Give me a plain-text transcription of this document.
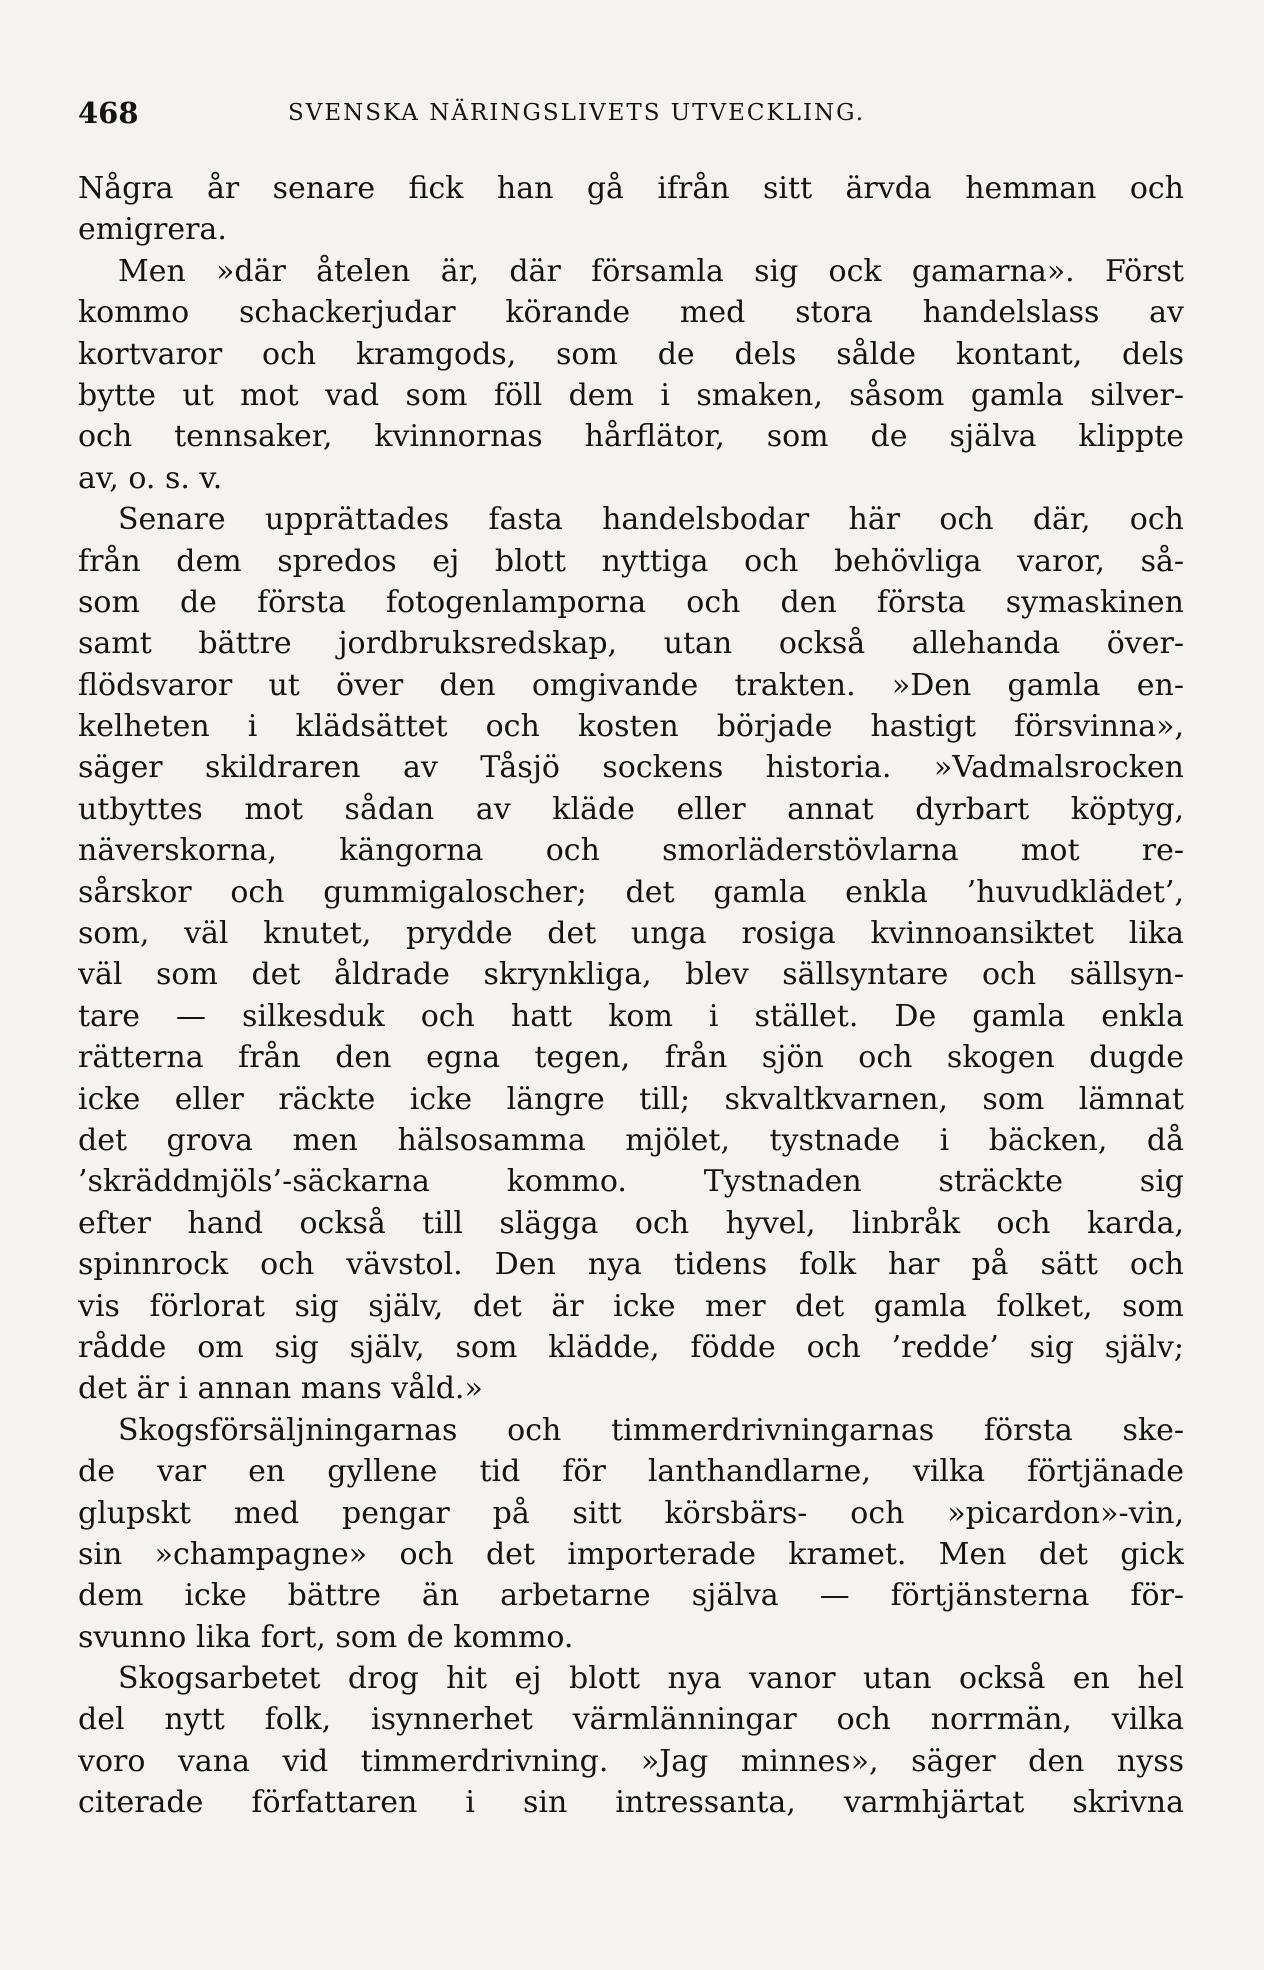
468	SVENSKA NÄRINGSLIVETS UTVECKLING.
Några år senare fick han gå ifrån sitt ärvda hemman och
emigrera.
Men »där åtelen är, där församla sig ock gamarna». Först
kommo schackerjudar körande med stora handelslass av
kortvaror och kramgods, som de dels sålde kontant, dels
bytte ut mot vad som föll dem i smaken, såsom gamla silver-
och tennsaker, kvinnornas hårflätor, som de själva klippte
av, o. s. v.
Senare upprättades fasta handelsbodar här och där, och
från dem spredos ej blott nyttiga och behövliga varor, så-
som de första fotogenlamporna och den första symaskinen
samt bättre jordbruksredskap, utan också allehanda över-
flödsvaror ut över den omgivande trakten. »Den gamla en-
kelheten i klädsättet och kosten började hastigt försvinna»,
säger skildraren av Tåsjö sockens historia. »Vadmalsrocken
utbyttes mot sådan av kläde eller annat dyrbart köptyg,
näverskorna, kängorna och smorläderstövlarna mot re-
sårskor och gummigaloscher; det gamla enkla ’huvudklädet’,
som, väl knutet, prydde det unga rosiga kvinnoansiktet lika
väl som det åldrade skrynkliga, blev sällsyntare och sällsyn-
tare — silkesduk och hatt kom i stället. De gamla enkla
rätterna från den egna tegen, från sjön och skogen dugde
icke eller räckte icke längre till; skvaltkvarnen, som lämnat
det grova men hälsosamma mjölet, tystnade i bäcken, då
’skräddmjöls’-säckarna kommo. Tystnaden sträckte sig
efter hand också till slägga och hyvel, linbråk och karda,
spinnrock och vävstol. Den nya tidens folk har på sätt och
vis förlorat sig själv, det är icke mer det gamla folket, som
rådde om sig själv, som klädde, födde och ’redde’ sig själv;
det är i annan mans våld.»
Skogsförsäljningarnas och timmerdrivningarnas första ske-
de var en gyllene tid för lanthandlarne, vilka förtjänade
glupskt med pengar på sitt körsbärs- och »picardon»-vin,
sin »champagne» och det importerade kramet. Men det gick
dem icke bättre än arbetarne själva — förtjänsterna för-
svunno lika fort, som de kommo.
Skogsarbetet drog hit ej blott nya vanor utan också en hel
del nytt folk, isynnerhet värmlänningar och norrmän, vilka
voro vana vid timmerdrivning. »Jag minnes», säger den nyss
citerade författaren i sin intressanta, varmhjärtat skrivna
